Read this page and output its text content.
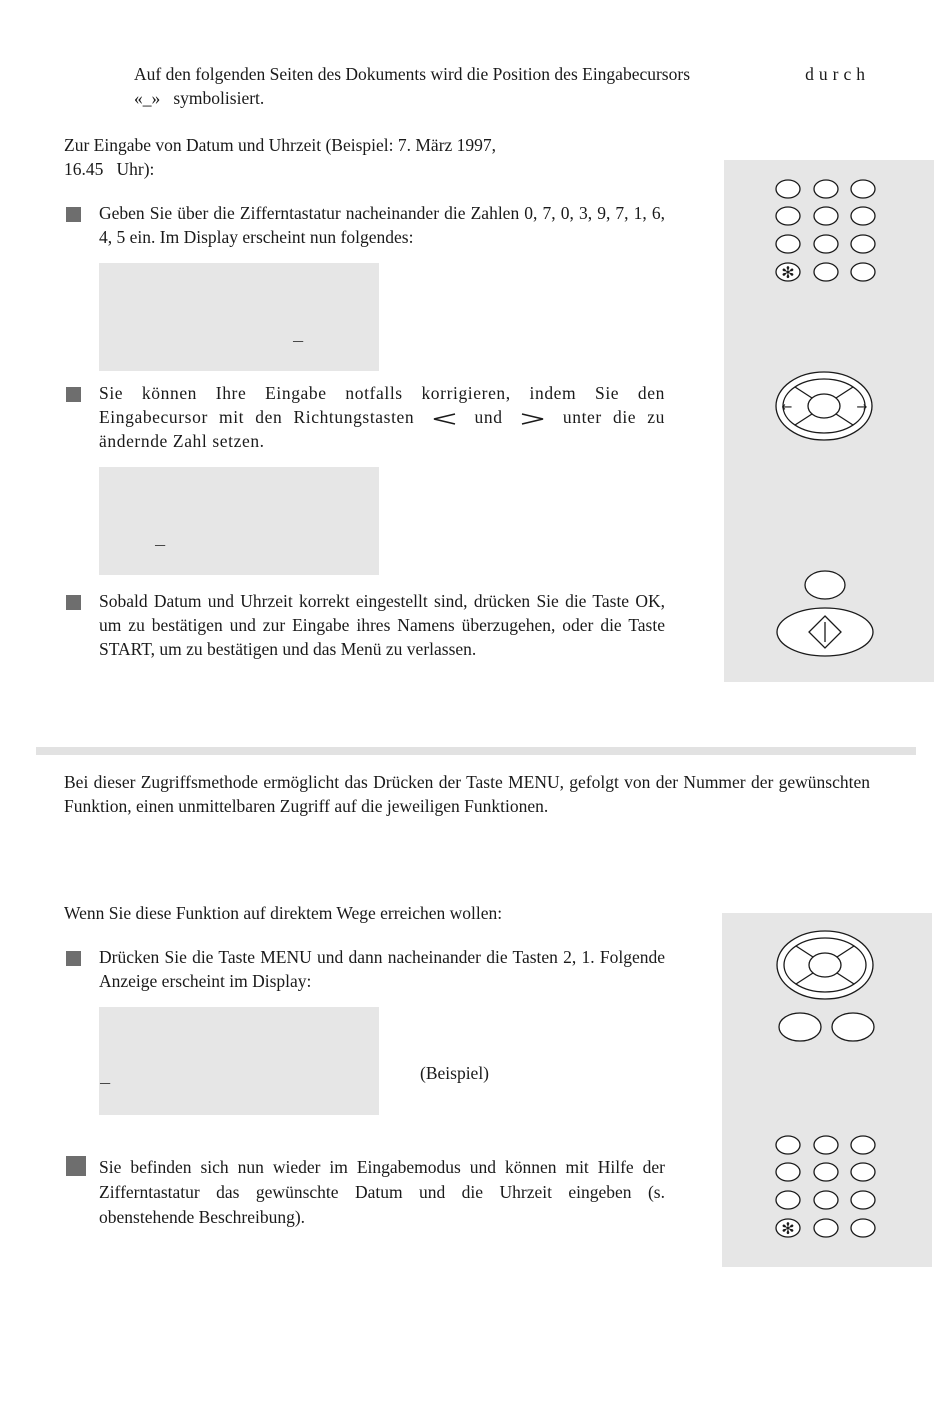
Auf den folgenden Seiten des Dokuments wird die Position des Eingabecursors	durch
«_»   symbolisiert.
Zur Eingabe von Datum und Uhrzeit (Beispiel: 7. März 1997,
16.45   Uhr):
Geben Sie über die Zifferntastatur nacheinander die Zahlen 0, 7, 0, 3, 9, 7, 1, 6, 4, 5 ein. Im Display erscheint nun folgendes:
_
Sie können Ihre Eingabe notfalls korrigieren, indem Sie den Eingabecursor mit den Richtungstasten	und	unter die zu ändernde Zahl setzen.
_
Sobald Datum und Uhrzeit korrekt eingestellt sind, drücken Sie die Taste OK, um zu bestätigen und zur Eingabe ihres Namens überzugehen, oder die Taste START, um zu bestätigen und das Menü zu verlassen.
✻
←	→
Bei dieser Zugriffsmethode ermöglicht das Drücken der Taste MENU, gefolgt von der Nummer der gewünschten Funktion, einen unmittelbaren Zugriff auf die jeweiligen Funktionen.
Wenn Sie diese Funktion auf direktem Wege erreichen wollen:
Drücken Sie die Taste MENU und dann nacheinander die Tasten 2, 1. Folgende Anzeige erscheint im Display:
_	(Beispiel)
Sie befinden sich nun wieder im Eingabemodus und können mit Hilfe der Zifferntastatur das gewünschte Datum und die Uhrzeit eingeben (s. obenstehende Beschreibung).
✻
